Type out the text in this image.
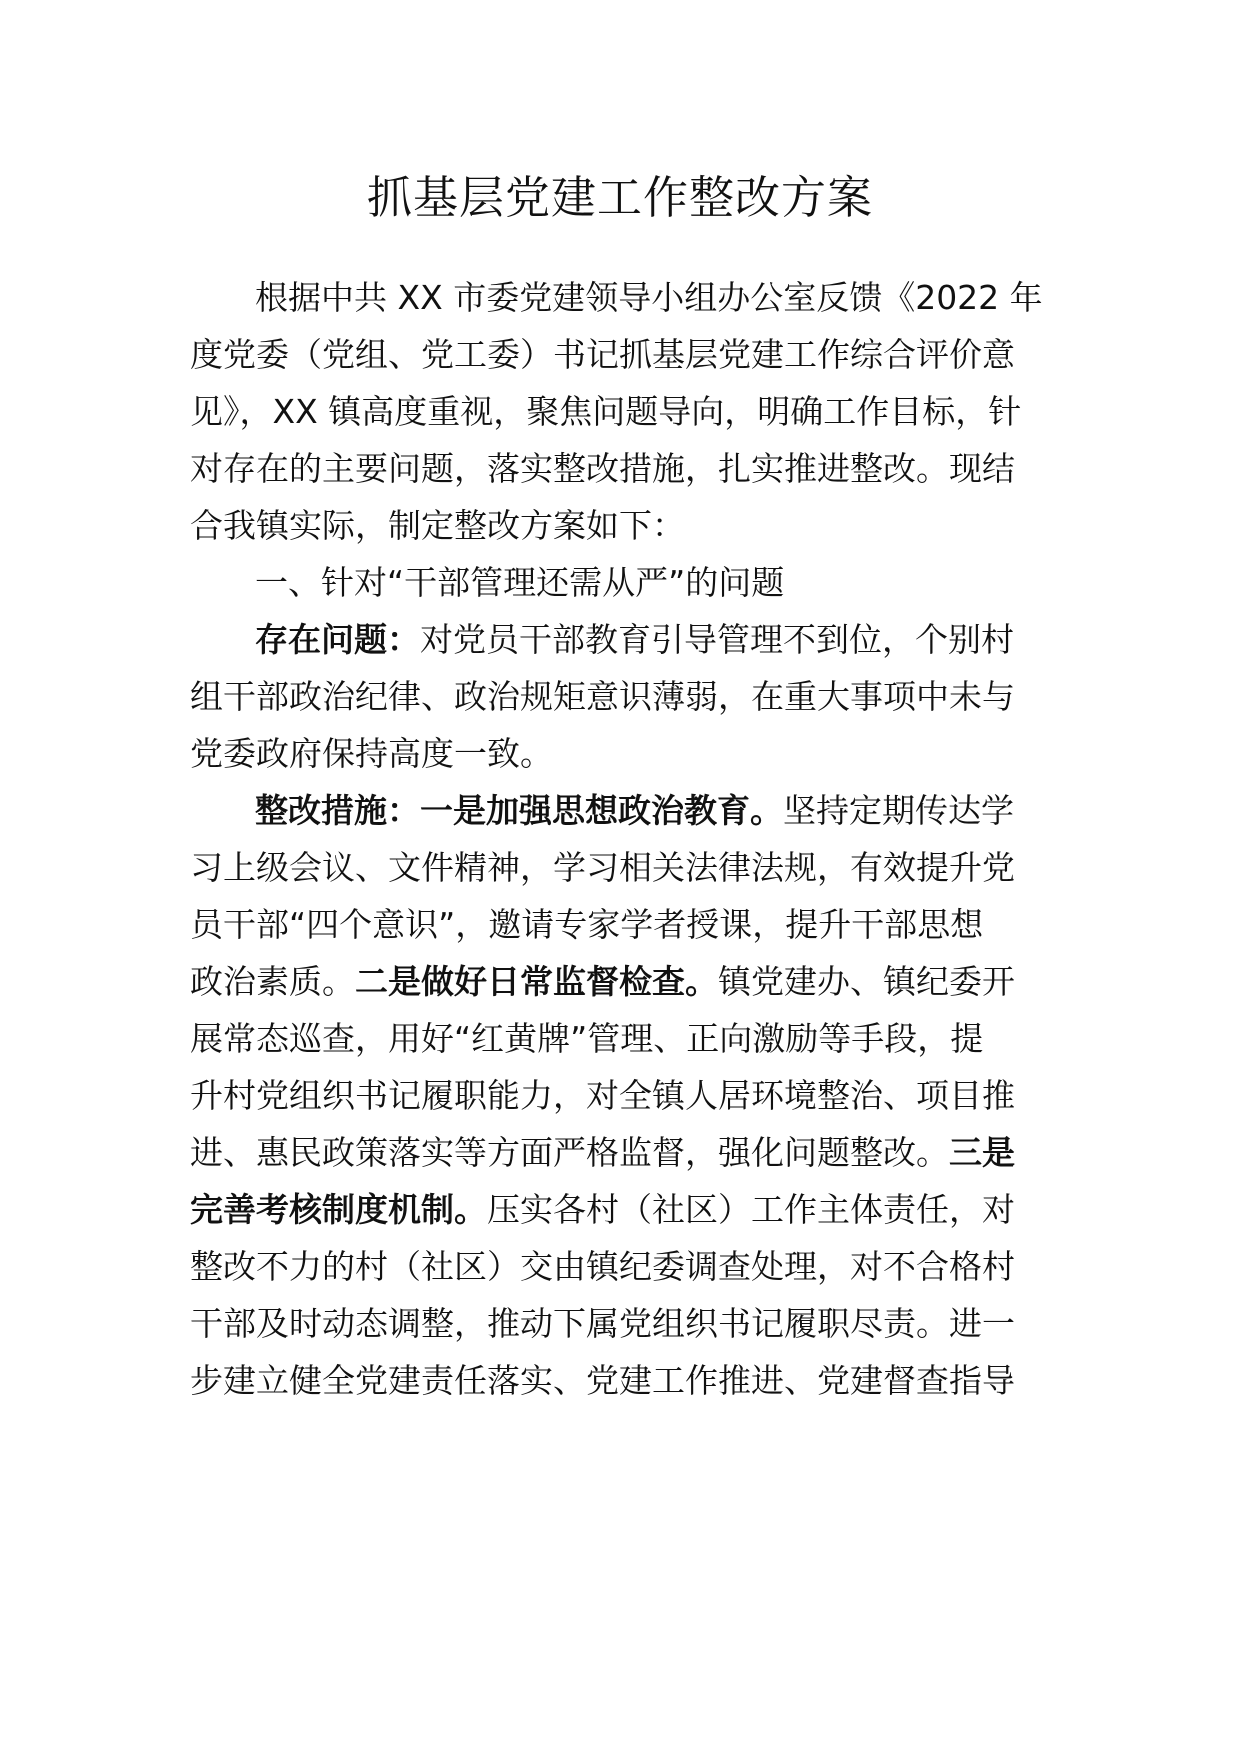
抓基层党建工作整改方案
根据中共 XX 市委党建领导小组办公室反馈《2022 年
度党委（党组、党工委）书记抓基层党建工作综合评价意
见》，XX 镇高度重视，聚焦问题导向，明确工作目标，针
对存在的主要问题，落实整改措施，扎实推进整改。现结
合我镇实际，制定整改方案如下：
一、针对“干部管理还需从严”的问题
存在问题：对党员干部教育引导管理不到位，个别村
组干部政治纪律、政治规矩意识薄弱，在重大事项中未与
党委政府保持高度一致。
整改措施：一是加强思想政治教育。坚持定期传达学
习上级会议、文件精神，学习相关法律法规，有效提升党
员干部“四个意识”，邀请专家学者授课，提升干部思想
政治素质。二是做好日常监督检查。镇党建办、镇纪委开
展常态巡查，用好“红黄牌”管理、正向激励等手段，提
升村党组织书记履职能力，对全镇人居环境整治、项目推
进、惠民政策落实等方面严格监督，强化问题整改。三是
完善考核制度机制。压实各村（社区）工作主体责任，对
整改不力的村（社区）交由镇纪委调查处理，对不合格村
干部及时动态调整，推动下属党组织书记履职尽责。进一
步建立健全党建责任落实、党建工作推进、党建督查指导
